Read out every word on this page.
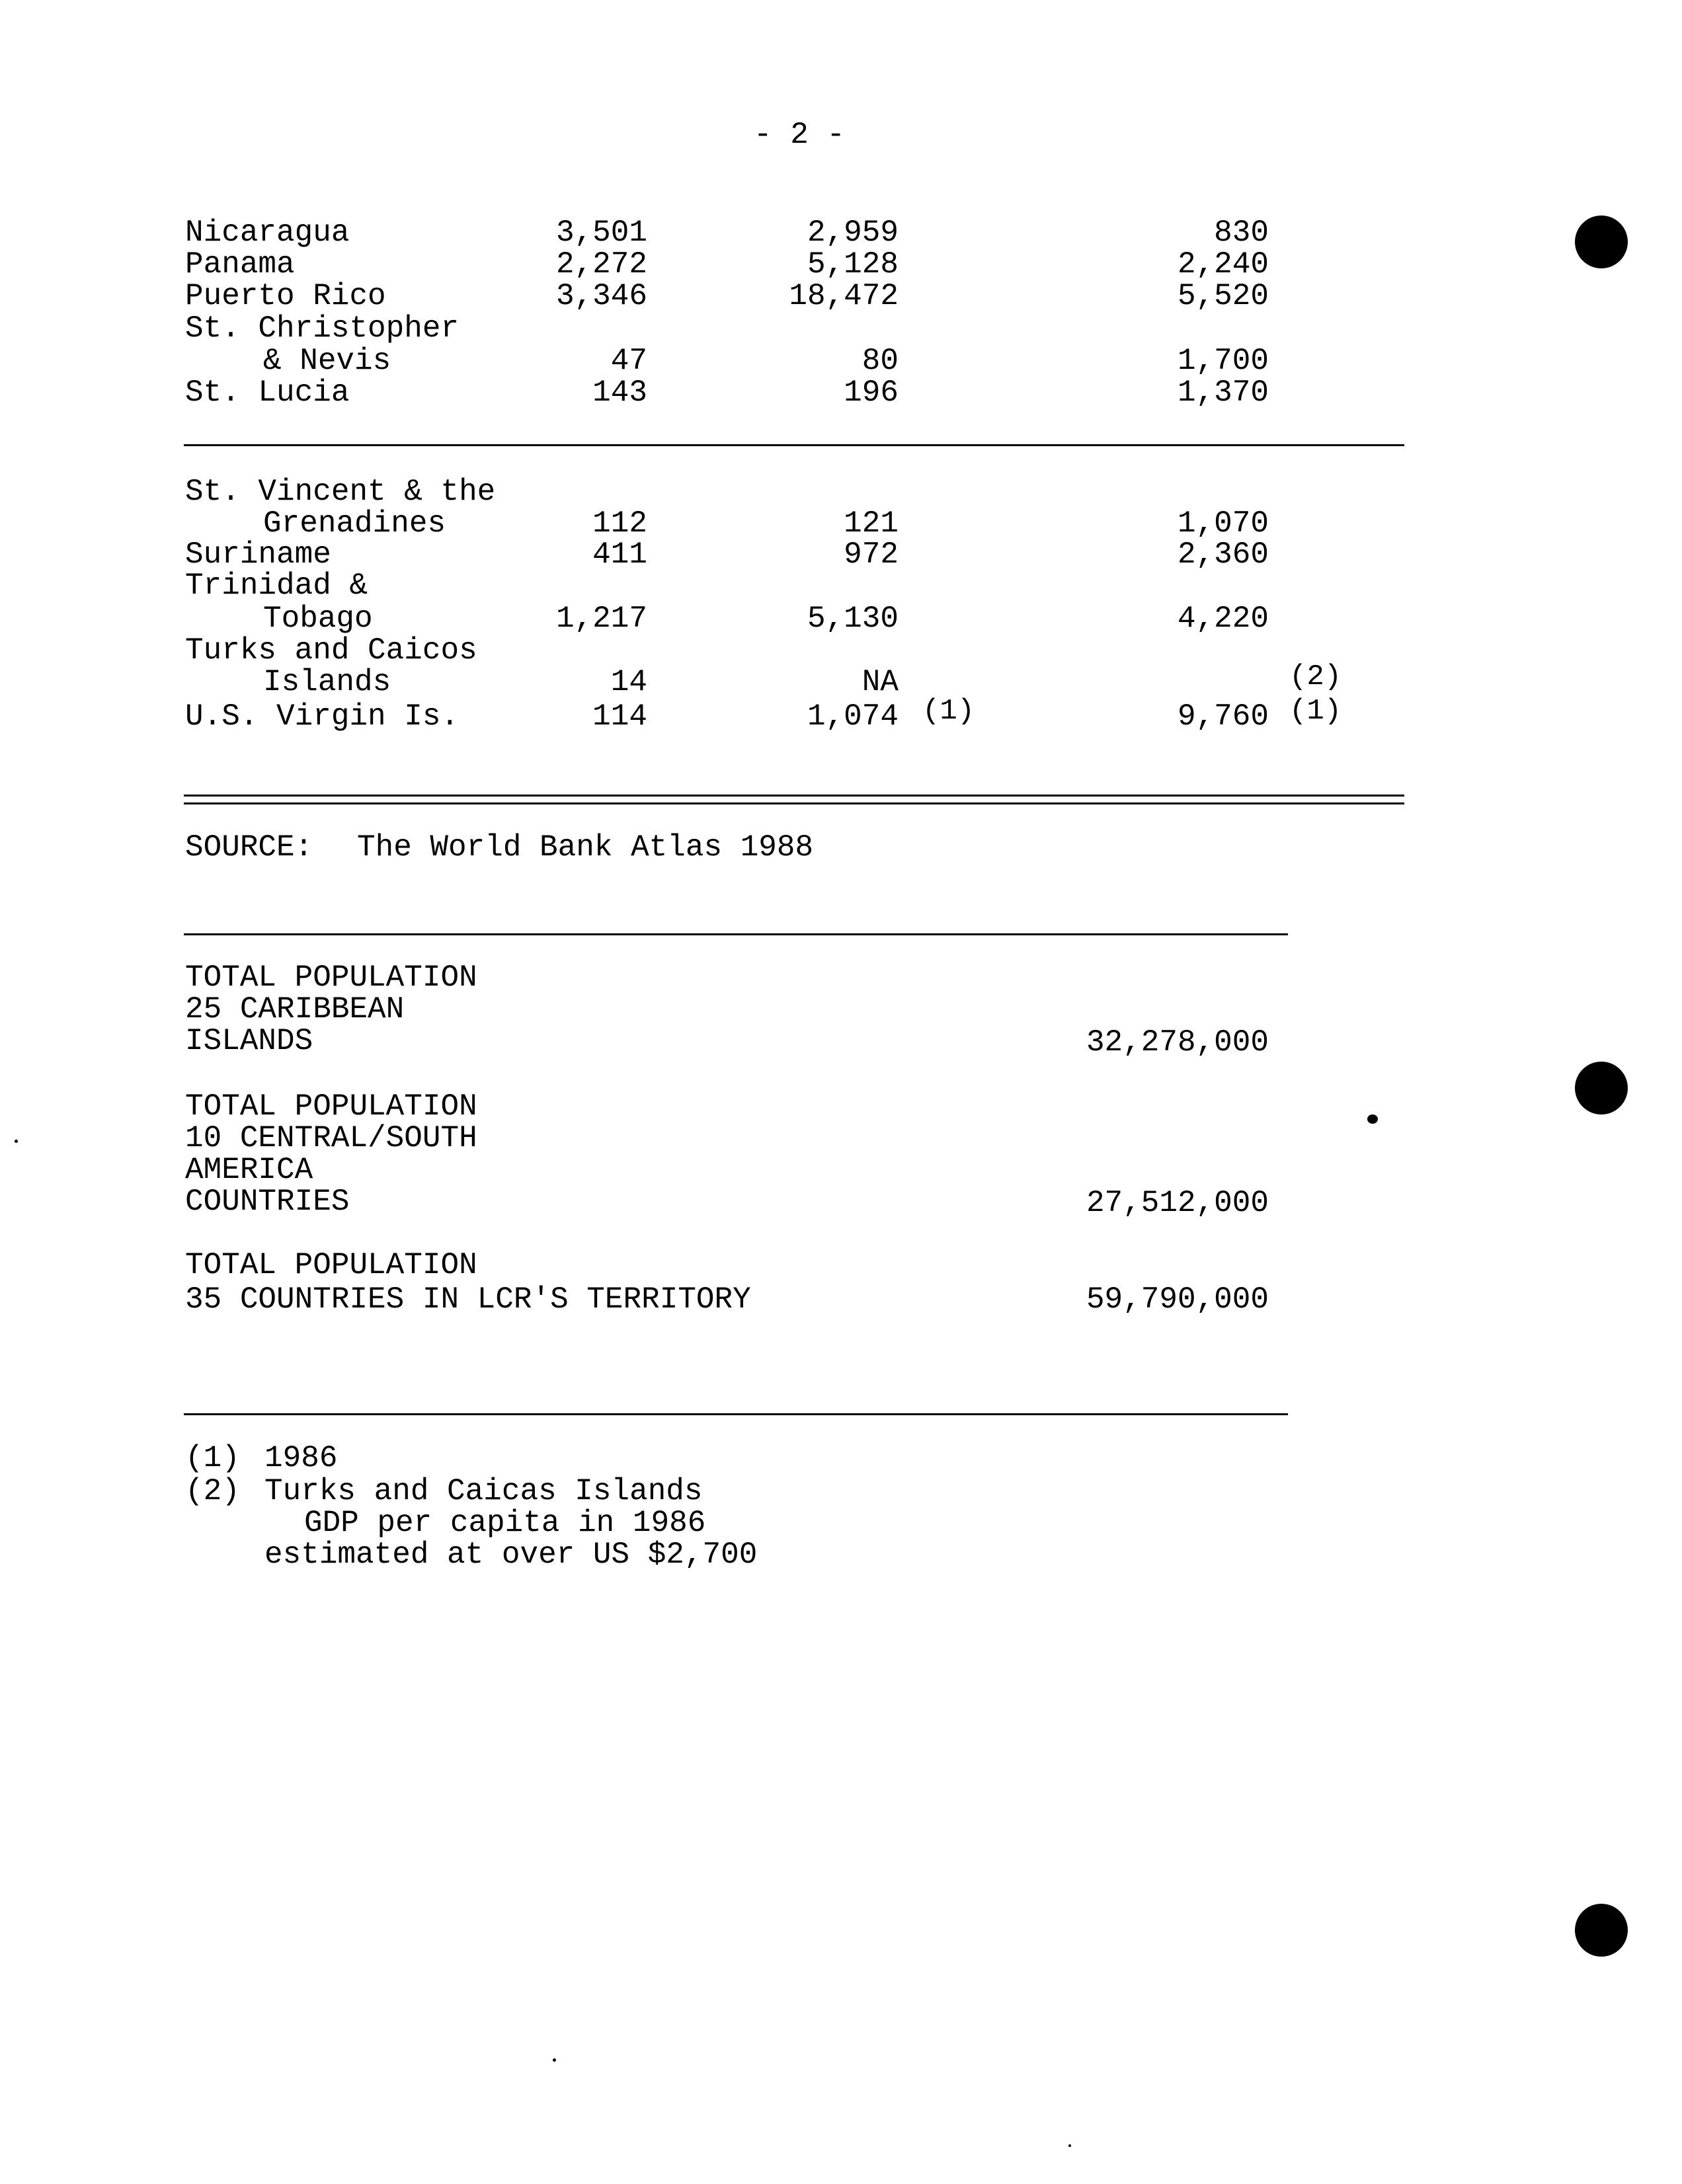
- 2 -
Nicaragua	3,501	2,959	830
Panama	2,272	5,128	2,240
Puerto Rico	3,346	18,472	5,520
St. Christopher
& Nevis	47	80	1,700
St. Lucia	143	196	1,370
St. Vincent & the
Grenadines	112	121	1,070
Suriname	411	972	2,360
Trinidad &
Tobago	1,217	5,130	4,220
Turks and Caicos
Islands	14	NA	(2)
U.S. Virgin Is.	114	1,074 (1)	9,760 (1)
SOURCE: The World Bank Atlas 1988
TOTAL POPULATION
25 CARIBBEAN
ISLANDS	32,278,000
TOTAL POPULATION
10 CENTRAL/SOUTH
AMERICA
COUNTRIES	27,512,000
TOTAL POPULATION
35 COUNTRIES IN LCR'S TERRITORY	59,790,000
(1) 1986
(2) Turks and Caicas Islands
GDP per capita in 1986
estimated at over US $2,700
